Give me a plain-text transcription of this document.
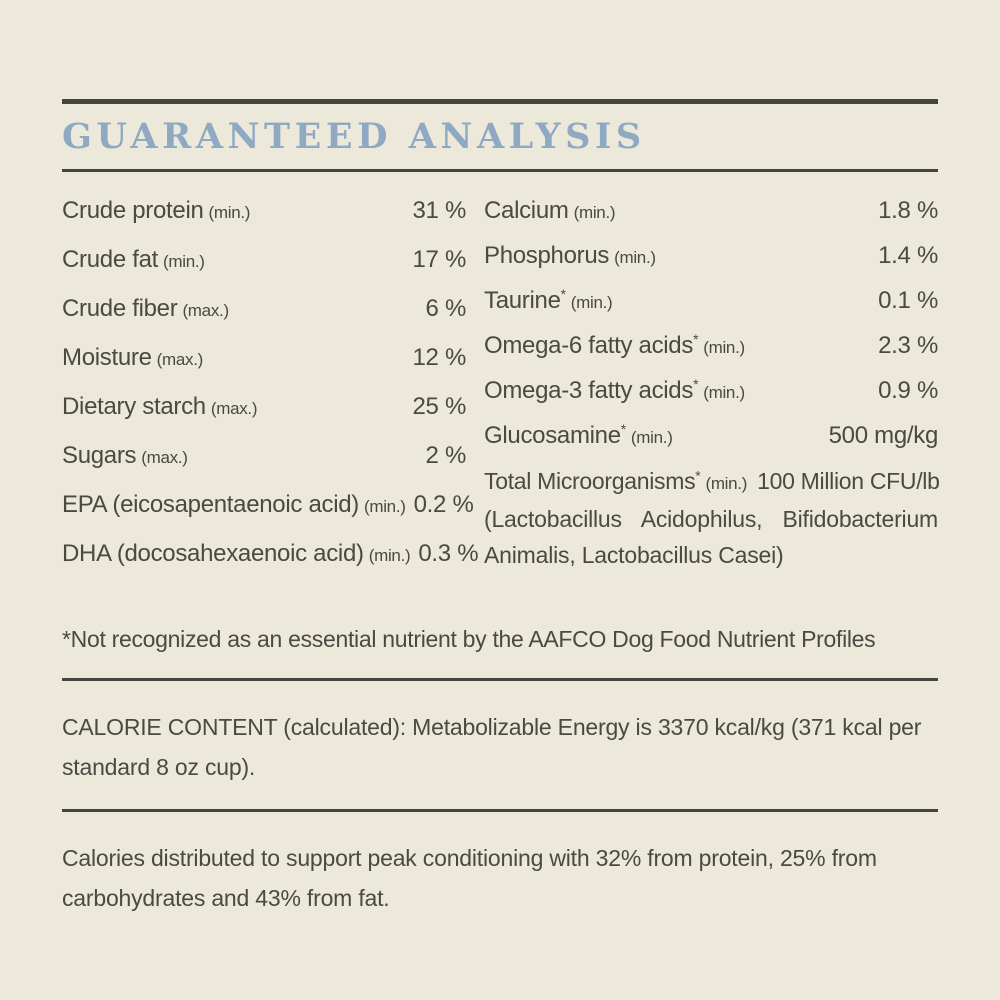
GUARANTEED ANALYSIS
Crude protein (min.)	31 %
Crude fat (min.)	17 %
Crude fiber (max.)	6 %
Moisture (max.)	12 %
Dietary starch (max.)	25 %
Sugars (max.)	2 %
EPA (eicosapentaenoic acid) (min.) 0.2 %
DHA (docosahexaenoic acid) (min.) 0.3 %
Calcium (min.)	1.8 %
Phosphorus (min.)	1.4 %
Taurine* (min.)	0.1 %
Omega-6 fatty acids* (min.)	2.3 %
Omega-3 fatty acids* (min.)	0.9 %
Glucosamine* (min.)	500 mg/kg
Total Microorganisms* (min.) 100 Million CFU/lb
(Lactobacillus Acidophilus, Bifidobacterium Animalis, Lactobacillus Casei)

*Not recognized as an essential nutrient by the AAFCO Dog Food Nutrient Profiles

CALORIE CONTENT (calculated): Metabolizable Energy is 3370 kcal/kg (371 kcal per standard 8 oz cup).

Calories distributed to support peak conditioning with 32% from protein, 25% from carbohydrates and 43% from fat.
